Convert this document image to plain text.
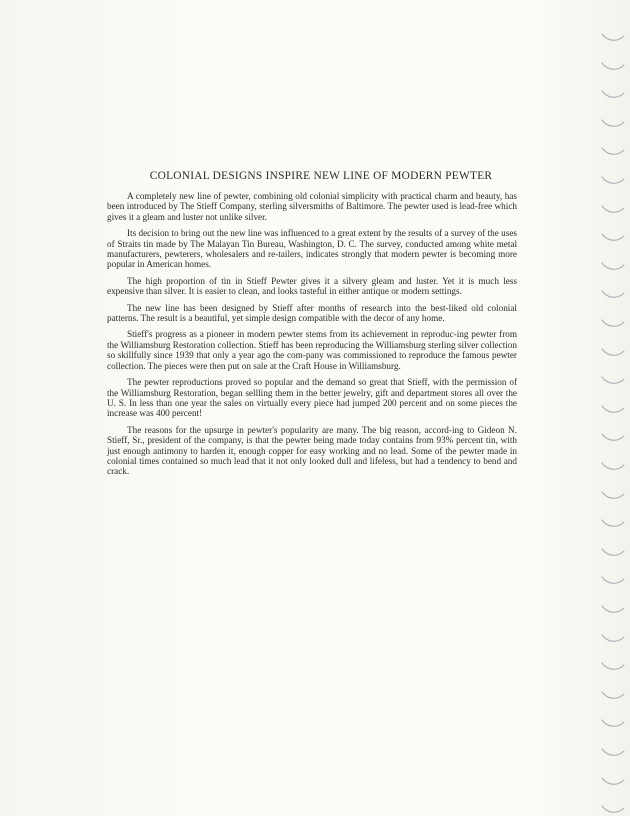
COLONIAL DESIGNS INSPIRE NEW LINE OF MODERN PEWTER

A completely new line of pewter, combining old colonial simplicity with practical charm and beauty, has been introduced by The Stieff Company, sterling silversmiths of Baltimore. The pewter used is lead-free which gives it a gleam and luster not unlike silver.

Its decision to bring out the new line was influenced to a great extent by the results of a survey of the uses of Straits tin made by The Malayan Tin Bureau, Washington, D. C. The survey, conducted among white metal manufacturers, pewterers, wholesalers and re-tailers, indicates strongly that modern pewter is becoming more popular in American homes.

The high proportion of tin in Stieff Pewter gives it a silvery gleam and luster. Yet it is much less expensive than silver. It is easier to clean, and looks tasteful in either antique or modern settings.

The new line has been designed by Stieff after months of research into the best-liked old colonial patterns. The result is a beautiful, yet simple design compatible with the decor of any home.

Stieff's progress as a pioneer in modern pewter stems from its achievement in reproduc-ing pewter from the Williamsburg Restoration collection. Stieff has been reproducing the Williamsburg sterling silver collection so skillfully since 1939 that only a year ago the com-pany was commissioned to reproduce the famous pewter collection. The pieces were then put on sale at the Craft House in Williamsburg.

The pewter reproductions proved so popular and the demand so great that Stieff, with the permission of the Williamsburg Restoration, began sellling them in the better jewelry, gift and department stores all over the U. S. In less than one year the sales on virtually every piece had jumped 200 percent and on some pieces the increase was 400 percent!

The reasons for the upsurge in pewter's popularity are many. The big reason, accord-ing to Gideon N. Stieff, Sr., president of the company, is that the pewter being made today contains from 93% percent tin, with just enough antimony to harden it, enough copper for easy working and no lead. Some of the pewter made in colonial times contained so much lead that it not only looked dull and lifeless, but had a tendency to bend and crack.
